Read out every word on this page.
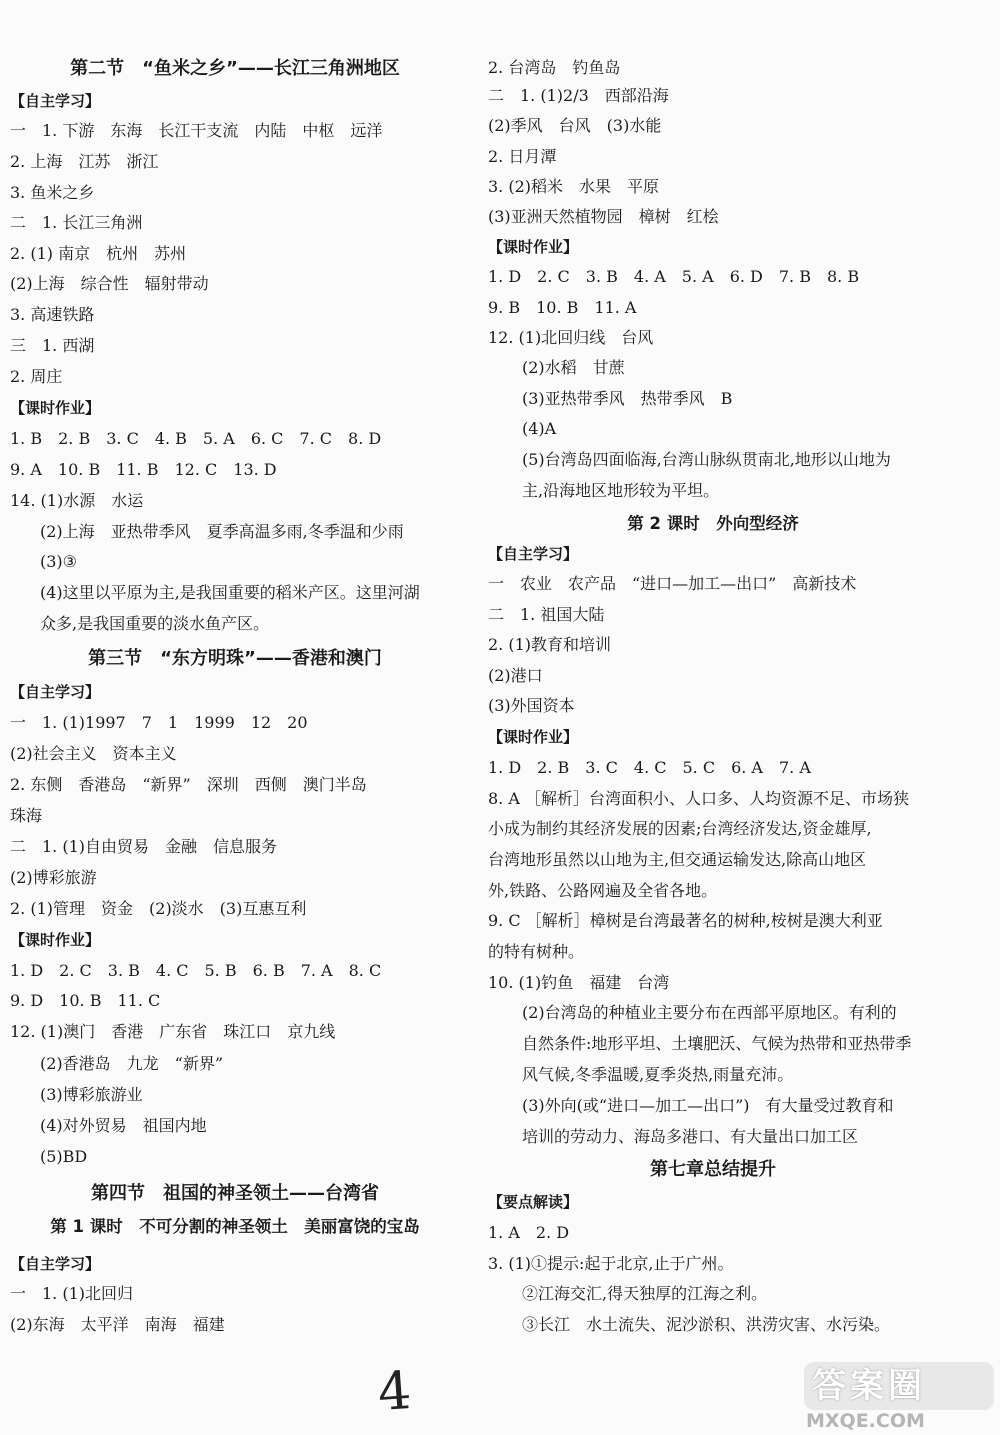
第二节　“鱼米之乡”——长江三角洲地区
【自主学习】
一　1. 下游　东海　长江干支流　内陆　中枢　远洋
2. 上海　江苏　浙江
3. 鱼米之乡
二　1. 长江三角洲
2. (1) 南京　杭州　苏州
(2)上海　综合性　辐射带动
3. 高速铁路
三　1. 西湖
2. 周庄
【课时作业】
1. B　2. B　3. C　4. B　5. A　6. C　7. C　8. D
9. A　10. B　11. B　12. C　13. D
14. (1)水源　水运
(2)上海　亚热带季风　夏季高温多雨,冬季温和少雨
(3)③
(4)这里以平原为主,是我国重要的稻米产区。这里河湖
众多,是我国重要的淡水鱼产区。
第三节　“东方明珠”——香港和澳门
【自主学习】
一　1. (1)1997　7　1　1999　12　20
(2)社会主义　资本主义
2. 东侧　香港岛　“新界”　深圳　西侧　澳门半岛
珠海
二　1. (1)自由贸易　金融　信息服务
(2)博彩旅游
2. (1)管理　资金　(2)淡水　(3)互惠互利
【课时作业】
1. D　2. C　3. B　4. C　5. B　6. B　7. A　8. C
9. D　10. B　11. C
12. (1)澳门　香港　广东省　珠江口　京九线
(2)香港岛　九龙　“新界”
(3)博彩旅游业
(4)对外贸易　祖国内地
(5)BD
第四节　祖国的神圣领土——台湾省
第 1 课时　不可分割的神圣领土　美丽富饶的宝岛
【自主学习】
一　1. (1)北回归
(2)东海　太平洋　南海　福建
2. 台湾岛　钓鱼岛
二　1. (1)2/3　西部沿海
(2)季风　台风　(3)水能
2. 日月潭
3. (2)稻米　水果　平原
(3)亚洲天然植物园　樟树　红桧
【课时作业】
1. D　2. C　3. B　4. A　5. A　6. D　7. B　8. B
9. B　10. B　11. A
12. (1)北回归线　台风
(2)水稻　甘蔗
(3)亚热带季风　热带季风　B
(4)A
(5)台湾岛四面临海,台湾山脉纵贯南北,地形以山地为
主,沿海地区地形较为平坦。
第 2 课时　外向型经济
【自主学习】
一　农业　农产品　“进口—加工—出口”　高新技术
二　1. 祖国大陆
2. (1)教育和培训
(2)港口
(3)外国资本
【课时作业】
1. D　2. B　3. C　4. C　5. C　6. A　7. A
8. A ［解析］台湾面积小、人口多、人均资源不足、市场狭
小成为制约其经济发展的因素;台湾经济发达,资金雄厚,
台湾地形虽然以山地为主,但交通运输发达,除高山地区
外,铁路、公路网遍及全省各地。
9. C ［解析］樟树是台湾最著名的树种,桉树是澳大利亚
的特有树种。
10. (1)钓鱼　福建　台湾
(2)台湾岛的种植业主要分布在西部平原地区。有利的
自然条件:地形平坦、土壤肥沃、气候为热带和亚热带季
风气候,冬季温暖,夏季炎热,雨量充沛。
(3)外向(或“进口—加工—出口”)　有大量受过教育和
培训的劳动力、海岛多港口、有大量出口加工区
第七章总结提升
【要点解读】
1. A　2. D
3. (1)①提示:起于北京,止于广州。
②江海交汇,得天独厚的江海之利。
③长江　水土流失、泥沙淤积、洪涝灾害、水污染。
4	答案圈
MXQE.COM
